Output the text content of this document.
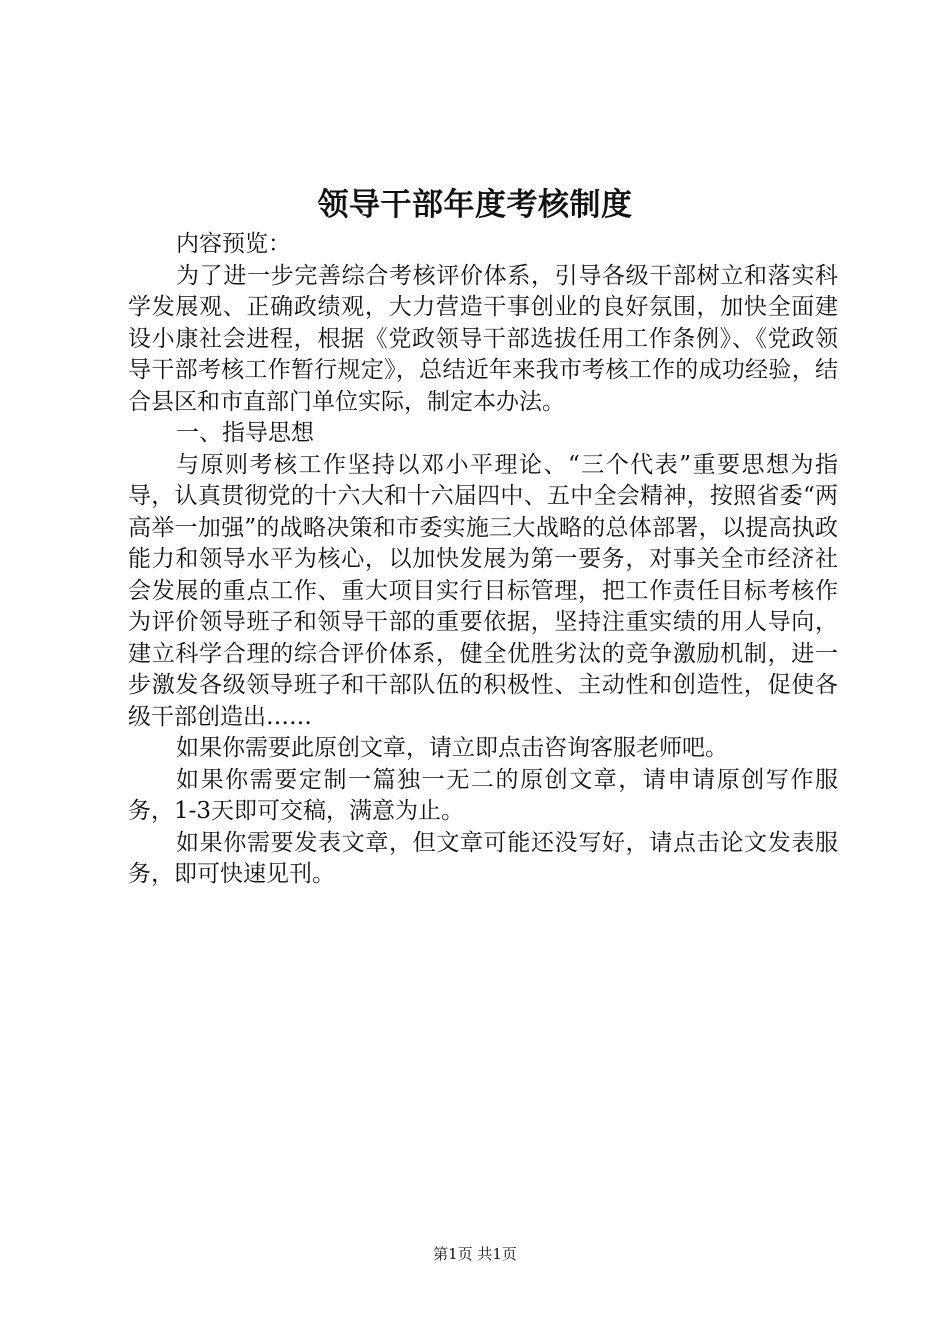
领导干部年度考核制度

内容预览：

为了进一步完善综合考核评价体系，引导各级干部树立和落实科学发展观、正确政绩观，大力营造干事创业的良好氛围，加快全面建设小康社会进程，根据《党政领导干部选拔任用工作条例》、《党政领导干部考核工作暂行规定》，总结近年来我市考核工作的成功经验，结合县区和市直部门单位实际，制定本办法。

一、指导思想

与原则考核工作坚持以邓小平理论、“三个代表”重要思想为指导，认真贯彻党的十六大和十六届四中、五中全会精神，按照省委“两高举一加强”的战略决策和市委实施三大战略的总体部署，以提高执政能力和领导水平为核心，以加快发展为第一要务，对事关全市经济社会发展的重点工作、重大项目实行目标管理，把工作责任目标考核作为评价领导班子和领导干部的重要依据，坚持注重实绩的用人导向，建立科学合理的综合评价体系，健全优胜劣汰的竞争激励机制，进一步激发各级领导班子和干部队伍的积极性、主动性和创造性，促使各级干部创造出……

如果你需要此原创文章，请立即点击咨询客服老师吧。

如果你需要定制一篇独一无二的原创文章，请申请原创写作服务，1-3天即可交稿，满意为止。

如果你需要发表文章，但文章可能还没写好，请点击论文发表服务，即可快速见刊。

第1页 共1页
